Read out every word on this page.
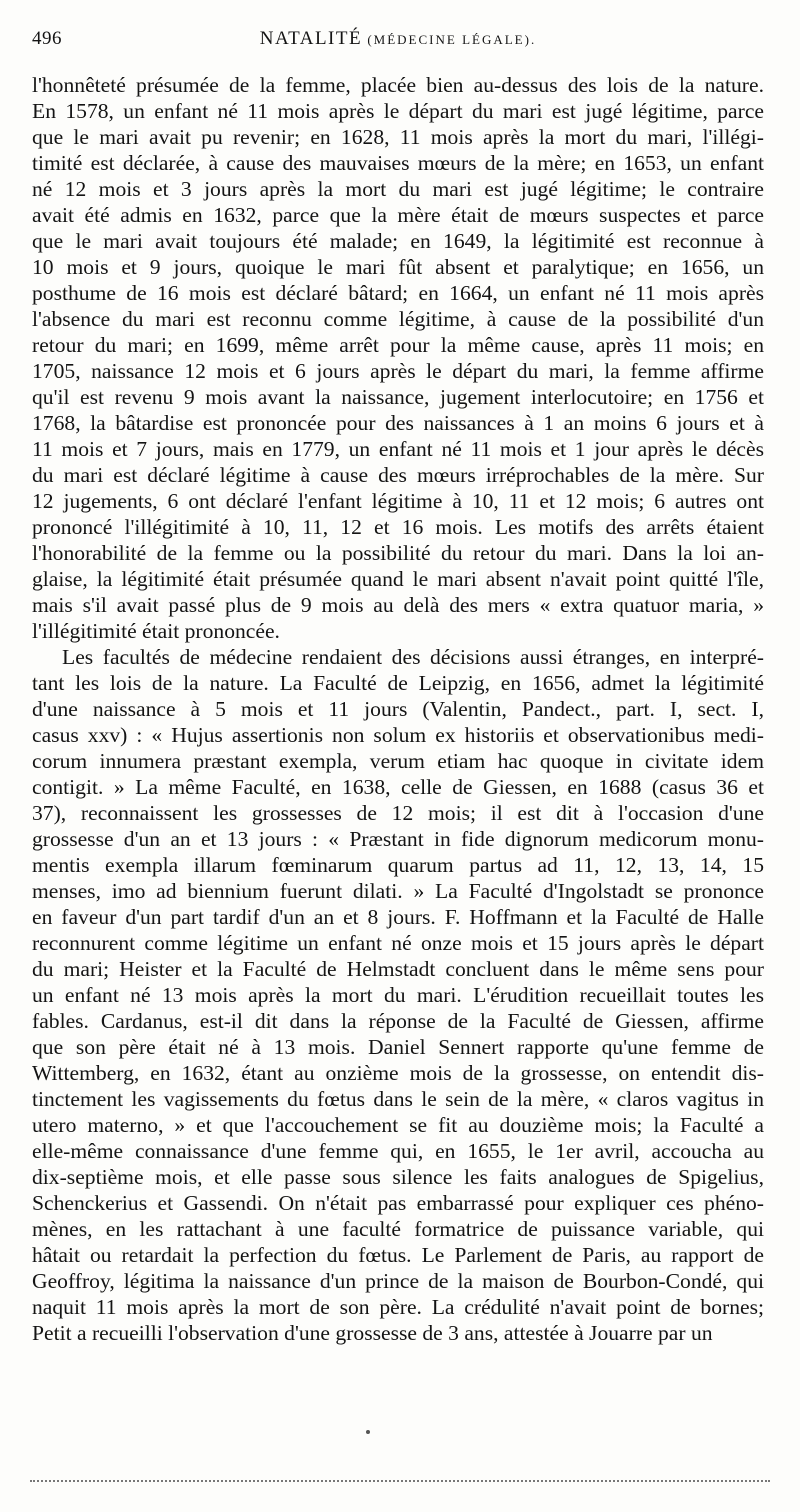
496	NATALITÉ (MÉDECINE LÉGALE).

l'honnêteté présumée de la femme, placée bien au-dessus des lois de la nature.
En 1578, un enfant né 11 mois après le départ du mari est jugé légitime, parce
que le mari avait pu revenir; en 1628, 11 mois après la mort du mari, l'illégi-
timité est déclarée, à cause des mauvaises mœurs de la mère; en 1653, un enfant
né 12 mois et 3 jours après la mort du mari est jugé légitime; le contraire
avait été admis en 1632, parce que la mère était de mœurs suspectes et parce
que le mari avait toujours été malade; en 1649, la légitimité est reconnue à
10 mois et 9 jours, quoique le mari fût absent et paralytique; en 1656, un
posthume de 16 mois est déclaré bâtard; en 1664, un enfant né 11 mois après
l'absence du mari est reconnu comme légitime, à cause de la possibilité d'un
retour du mari; en 1699, même arrêt pour la même cause, après 11 mois; en
1705, naissance 12 mois et 6 jours après le départ du mari, la femme affirme
qu'il est revenu 9 mois avant la naissance, jugement interlocutoire; en 1756 et
1768, la bâtardise est prononcée pour des naissances à 1 an moins 6 jours et à
11 mois et 7 jours, mais en 1779, un enfant né 11 mois et 1 jour après le décès
du mari est déclaré légitime à cause des mœurs irréprochables de la mère. Sur
12 jugements, 6 ont déclaré l'enfant légitime à 10, 11 et 12 mois; 6 autres ont
prononcé l'illégitimité à 10, 11, 12 et 16 mois. Les motifs des arrêts étaient
l'honorabilité de la femme ou la possibilité du retour du mari. Dans la loi an-
glaise, la légitimité était présumée quand le mari absent n'avait point quitté l'île,
mais s'il avait passé plus de 9 mois au delà des mers « extra quatuor maria, »
l'illégitimité était prononcée.

Les facultés de médecine rendaient des décisions aussi étranges, en interpré-
tant les lois de la nature. La Faculté de Leipzig, en 1656, admet la légitimité
d'une naissance à 5 mois et 11 jours (Valentin, Pandect., part. I, sect. I,
casus xxv) : « Hujus assertionis non solum ex historiis et observationibus medi-
corum innumera præstant exempla, verum etiam hac quoque in civitate idem
contigit. » La même Faculté, en 1638, celle de Giessen, en 1688 (casus 36 et
37), reconnaissent les grossesses de 12 mois; il est dit à l'occasion d'une
grossesse d'un an et 13 jours : « Præstant in fide dignorum medicorum monu-
mentis exempla illarum fœminarum quarum partus ad 11, 12, 13, 14, 15
menses, imo ad biennium fuerunt dilati. » La Faculté d'Ingolstadt se prononce
en faveur d'un part tardif d'un an et 8 jours. F. Hoffmann et la Faculté de Halle
reconnurent comme légitime un enfant né onze mois et 15 jours après le départ
du mari; Heister et la Faculté de Helmstadt concluent dans le même sens pour
un enfant né 13 mois après la mort du mari. L'érudition recueillait toutes les
fables. Cardanus, est-il dit dans la réponse de la Faculté de Giessen, affirme
que son père était né à 13 mois. Daniel Sennert rapporte qu'une femme de
Wittemberg, en 1632, étant au onzième mois de la grossesse, on entendit dis-
tinctement les vagissements du fœtus dans le sein de la mère, « claros vagitus in
utero materno, » et que l'accouchement se fit au douzième mois; la Faculté a
elle-même connaissance d'une femme qui, en 1655, le 1er avril, accoucha au
dix-septième mois, et elle passe sous silence les faits analogues de Spigelius,
Schenckerius et Gassendi. On n'était pas embarrassé pour expliquer ces phéno-
mènes, en les rattachant à une faculté formatrice de puissance variable, qui
hâtait ou retardait la perfection du fœtus. Le Parlement de Paris, au rapport de
Geoffroy, légitima la naissance d'un prince de la maison de Bourbon-Condé, qui
naquit 11 mois après la mort de son père. La crédulité n'avait point de bornes;
Petit a recueilli l'observation d'une grossesse de 3 ans, attestée à Jouarre par un
